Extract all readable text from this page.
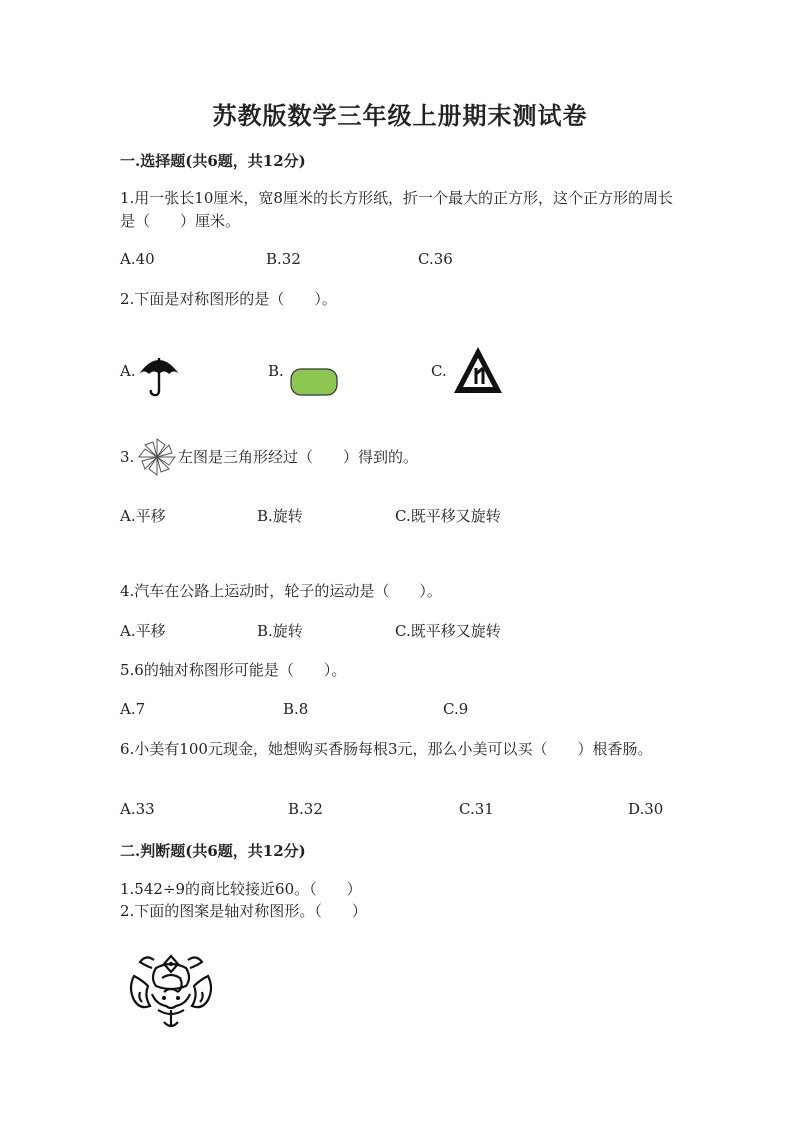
苏教版数学三年级上册期末测试卷
一.选择题(共6题，共12分)
1.用一张长10厘米，宽8厘米的长方形纸，折一个最大的正方形，这个正方形的周长是（　　）厘米。
A.40	B.32	C.36
2.下面是对称图形的是（　　）。
A.	B.	C.
3.	左图是三角形经过（　　）得到的。
A.平移	B.旋转	C.既平移又旋转
4.汽车在公路上运动时，轮子的运动是（　　）。
A.平移	B.旋转	C.既平移又旋转
5.6的轴对称图形可能是（　　）。
A.7	B.8	C.9
6.小美有100元现金，她想购买香肠每根3元，那么小美可以买（　　）根香肠。
A.33	B.32	C.31	D.30
二.判断题(共6题，共12分)
1.542÷9的商比较接近60。（　　）
2.下面的图案是轴对称图形。（　　）
